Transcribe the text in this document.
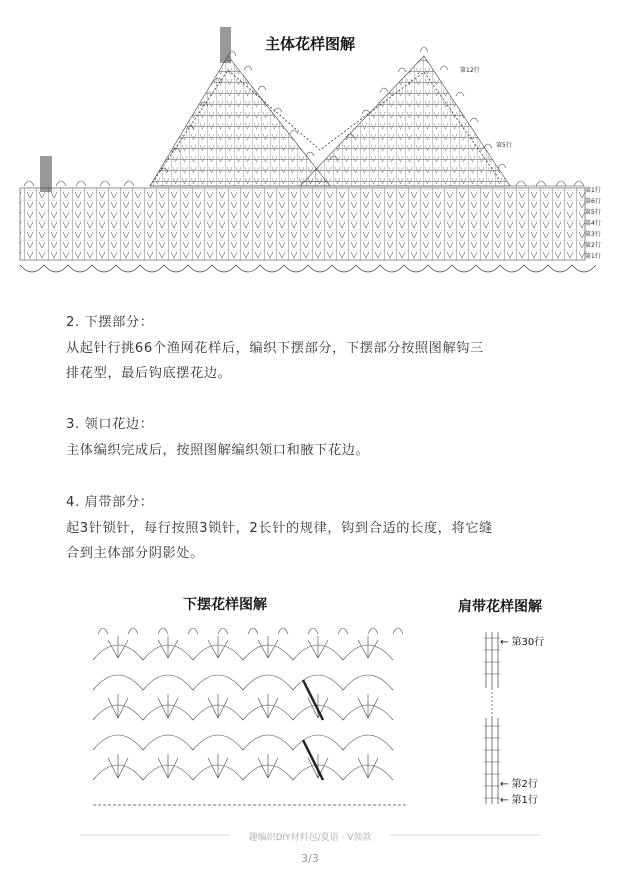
主体花样图解
第12行
第5行
第1行
第6行
第5行
第4行
第3行
第2行
第1行
2. 下摆部分：
从起针行挑66个渔网花样后，编织下摆部分，下摆部分按照图解钩三
排花型，最后钩底摆花边。
3. 领口花边：
主体编织完成后，按照图解编织领口和腋下花边。
4. 肩带部分：
起3针锁针，每行按照3锁针，2长针的规律，钩到合适的长度，将它缝
合到主体部分阴影处。
下摆花样图解	肩带花样图解
← 第30行
← 第2行
← 第1行
趣编织DIY材料包/夏语 · V领款
3/3
